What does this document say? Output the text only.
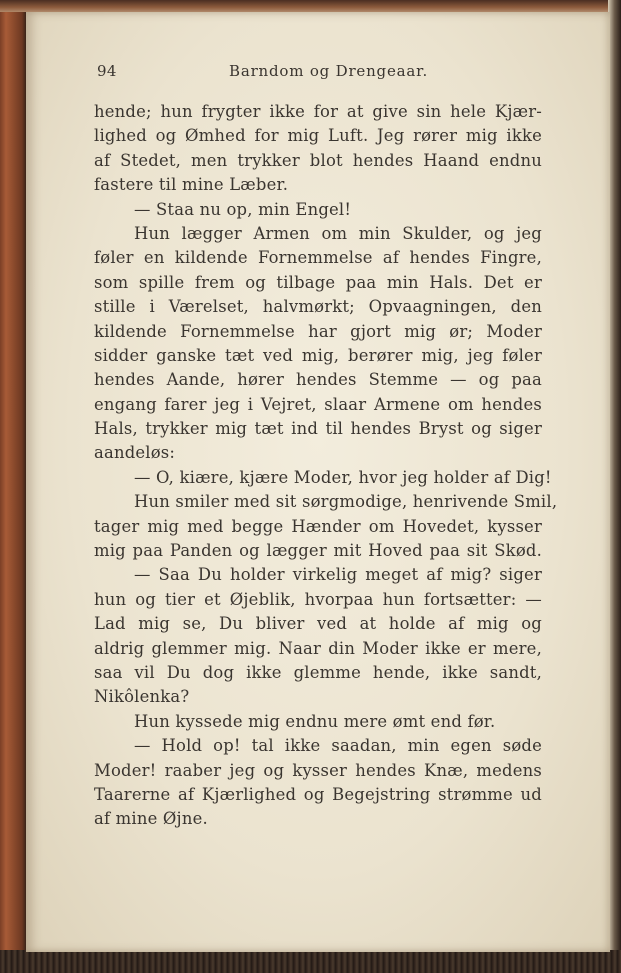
94	Barndom og Drengeaar.
hende; hun frygter ikke for at give sin hele Kjær-
lighed og Ømhed for mig Luft. Jeg rører mig ikke
af Stedet, men trykker blot hendes Haand endnu
fastere til mine Læber.
— Staa nu op, min Engel!
Hun lægger Armen om min Skulder, og jeg
føler en kildende Fornemmelse af hendes Fingre,
som spille frem og tilbage paa min Hals. Det er
stille i Værelset, halvmørkt; Opvaagningen, den
kildende Fornemmelse har gjort mig ør; Moder
sidder ganske tæt ved mig, berører mig, jeg føler
hendes Aande, hører hendes Stemme — og paa
engang farer jeg i Vejret, slaar Armene om hendes
Hals, trykker mig tæt ind til hendes Bryst og siger
aandeløs:
— O, kiære, kjære Moder, hvor jeg holder af Dig!
Hun smiler med sit sørgmodige, henrivende Smil,
tager mig med begge Hænder om Hovedet, kysser
mig paa Panden og lægger mit Hoved paa sit Skød.
— Saa Du holder virkelig meget af mig? siger
hun og tier et Øjeblik, hvorpaa hun fortsætter: —
Lad mig se, Du bliver ved at holde af mig og
aldrig glemmer mig. Naar din Moder ikke er mere,
saa vil Du dog ikke glemme hende, ikke sandt,
Nikôlenka?
Hun kyssede mig endnu mere ømt end før.
— Hold op! tal ikke saadan, min egen søde
Moder! raaber jeg og kysser hendes Knæ, medens
Taarerne af Kjærlighed og Begejstring strømme ud
af mine Øjne.
